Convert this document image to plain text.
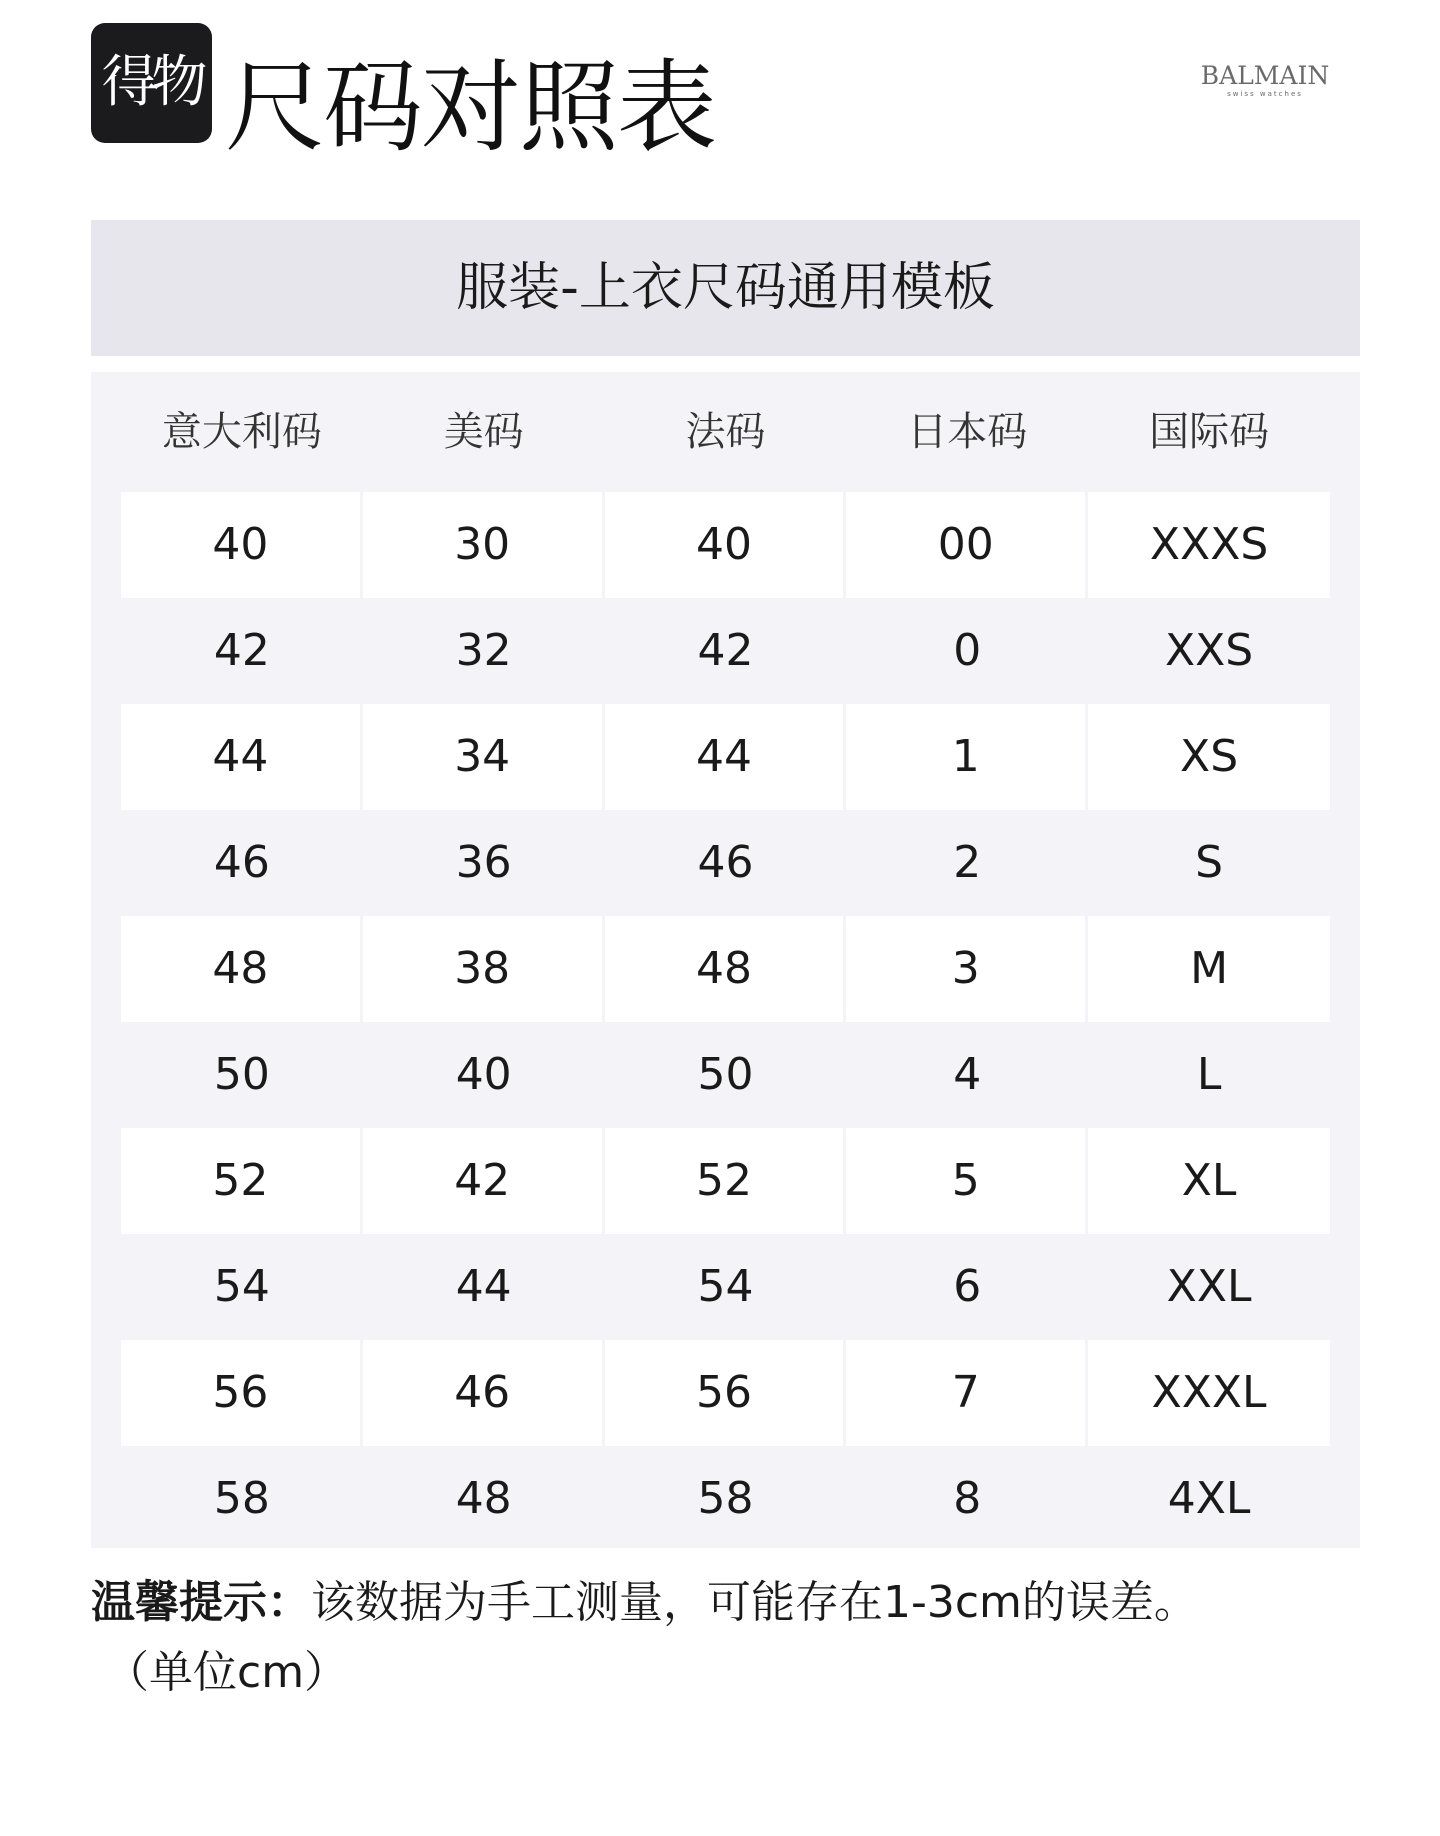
得物 尺码对照表	BALMAIN
swiss watches
服装-上衣尺码通用模板
意大利码	美码	法码	日本码	国际码
40	30	40	00	XXXS
42	32	42	0	XXS
44	34	44	1	XS
46	36	46	2	S
48	38	48	3	M
50	40	50	4	L
52	42	52	5	XL
54	44	54	6	XXL
56	46	56	7	XXXL
58	48	58	8	4XL
温馨提示：该数据为手工测量，可能存在1-3cm的误差。
（单位cm）
